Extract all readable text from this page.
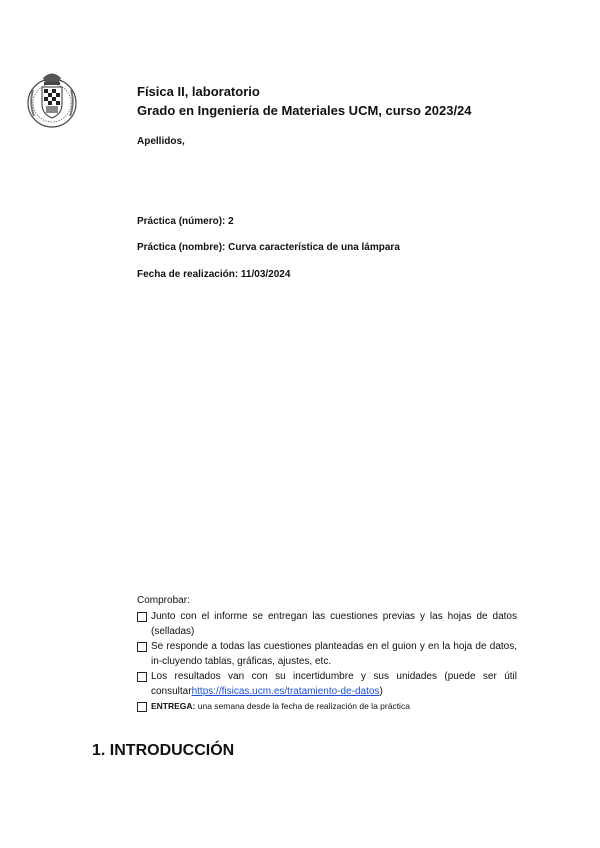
Física II, laboratorio
Grado en Ingeniería de Materiales UCM, curso 2023/24
Apellidos,
Práctica (número): 2
Práctica (nombre): Curva característica de una lámpara
Fecha de realización: 11/03/2024
Comprobar:
Junto con el informe se entregan las cuestiones previas y las hojas de datos (selladas)
Se responde a todas las cuestiones planteadas en el guion y en la hoja de datos, in-cluyendo tablas, gráficas, ajustes, etc.
Los resultados van con su incertidumbre y sus unidades (puede ser útil consultarhttps://fisicas.ucm.es/tratamiento-de-datos)
ENTREGA: una semana desde la fecha de realización de la práctica
1. INTRODUCCIÓN
